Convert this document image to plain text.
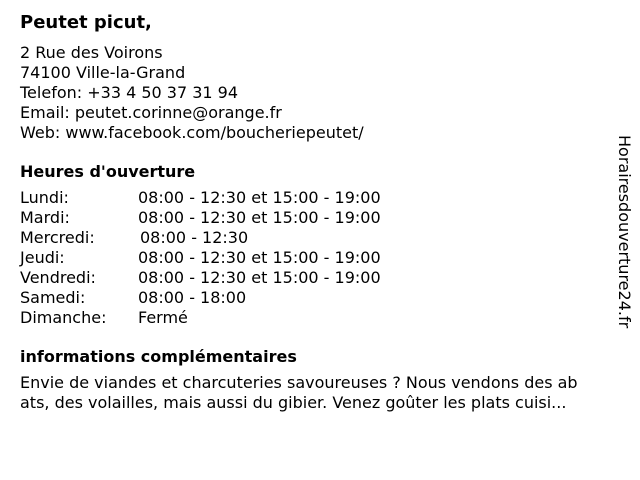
Peutet picut,
2 Rue des Voirons
74100 Ville-la-Grand
Telefon: +33 4 50 37 31 94
Email: peutet.corinne@orange.fr
Web: www.facebook.com/boucheriepeutet/
Heures d'ouverture
Lundi:	08:00 - 12:30 et 15:00 - 19:00
Mardi:	08:00 - 12:30 et 15:00 - 19:00
Mercredi:	08:00 - 12:30
Jeudi:	08:00 - 12:30 et 15:00 - 19:00
Vendredi:	08:00 - 12:30 et 15:00 - 19:00
Samedi:	08:00 - 18:00
Dimanche: Fermé
informations complémentaires
Envie de viandes et charcuteries savoureuses ? Nous vendons des ab
ats, des volailles, mais aussi du gibier. Venez goûter les plats cuisi...
Horairesdouverture24.fr
